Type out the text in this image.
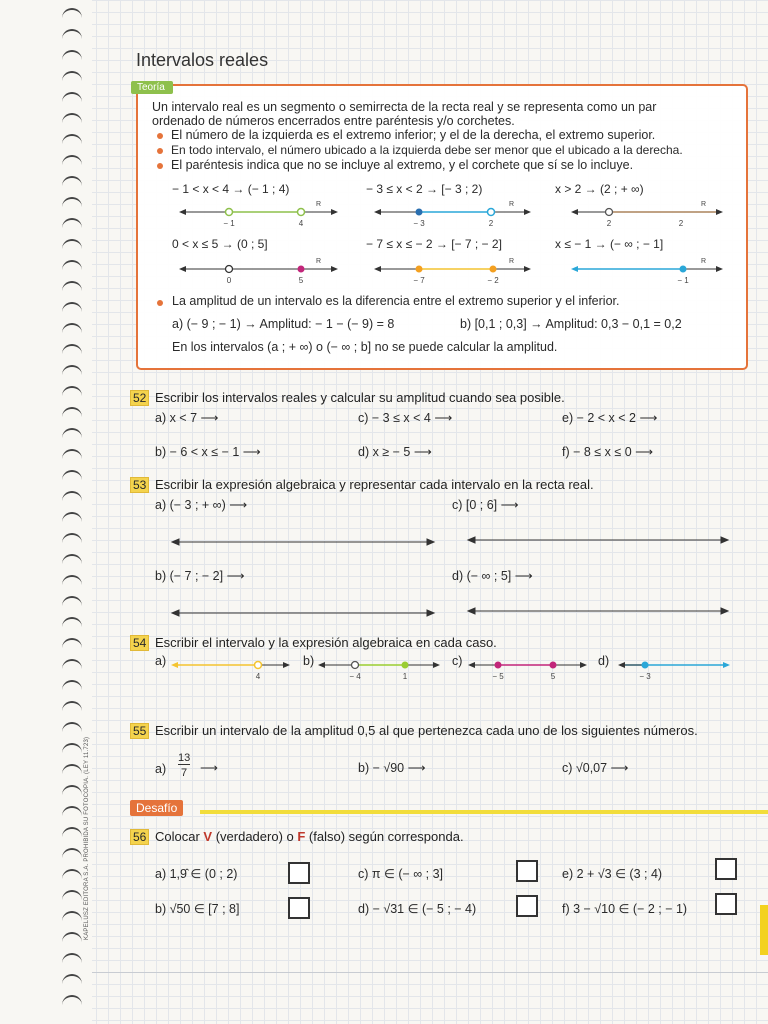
KAPELUSZ EDITORA S.A. PROHIBIDA SU FOTOCOPIA. (LEY 11.723)
Intervalos reales
Teoría
Un intervalo real es un segmento o semirrecta de la recta real y se representa como un par
ordenado de números encerrados entre paréntesis y/o corchetes.
El número de la izquierda es el extremo inferior; y el de la derecha, el extremo superior.
En todo intervalo, el número ubicado a la izquierda debe ser menor que el ubicado a la derecha.
El paréntesis indica que no se incluye al extremo, y el corchete que sí se lo incluye.
− 1 < x < 4 → (− 1 ; 4)	− 3 ≤ x < 2 → [− 3 ; 2)	x > 2 → (2 ; + ∞)
0 < x ≤ 5 → (0 ; 5]	− 7 ≤ x ≤ − 2 → [− 7 ; − 2]	x ≤ − 1 → (− ∞ ; − 1]
− 1	4
R
− 3	2
R
2	2
R
0	5
R
− 7	− 2
R
− 1
R
La amplitud de un intervalo es la diferencia entre el extremo superior y el inferior.
a) (− 9 ; − 1) → Amplitud: − 1 − (− 9) = 8	b) [0,1 ; 0,3] → Amplitud: 0,3 − 0,1 = 0,2
En los intervalos (a ; + ∞) o (− ∞ ; b] no se puede calcular la amplitud.
52 Escribir los intervalos reales y calcular su amplitud cuando sea posible.
a) x < 7 ⟶	c) − 3 ≤ x < 4 ⟶	e) − 2 < x < 2 ⟶
b) − 6 < x ≤ − 1 ⟶	d) x ≥ − 5 ⟶	f) − 8 ≤ x ≤ 0 ⟶
53 Escribir la expresión algebraica y representar cada intervalo en la recta real.
a) (− 3 ; + ∞) ⟶	c) [0 ; 6] ⟶
b) (− 7 ; − 2] ⟶	d) (− ∞ ; 5] ⟶
54 Escribir el intervalo y la expresión algebraica en cada caso.
a)	b)	c)	d)
4	− 4	1	− 5	5	− 3
55 Escribir un intervalo de la amplitud 0,5 al que pertenezca cada uno de los siguientes números.
a)
13
7 ⟶	b) − √90 ⟶	c) √0,07 ⟶
Desafío
56 Colocar V (verdadero) o F (falso) según corresponda.
a) 1,9̂ ∈ (0 ; 2)	c) π ∈ (− ∞ ; 3]	e) 2 + √3 ∈ (3 ; 4)
b) √50 ∈ [7 ; 8]	d) − √31 ∈ (− 5 ; − 4)	f) 3 − √10 ∈ (− 2 ; − 1)
